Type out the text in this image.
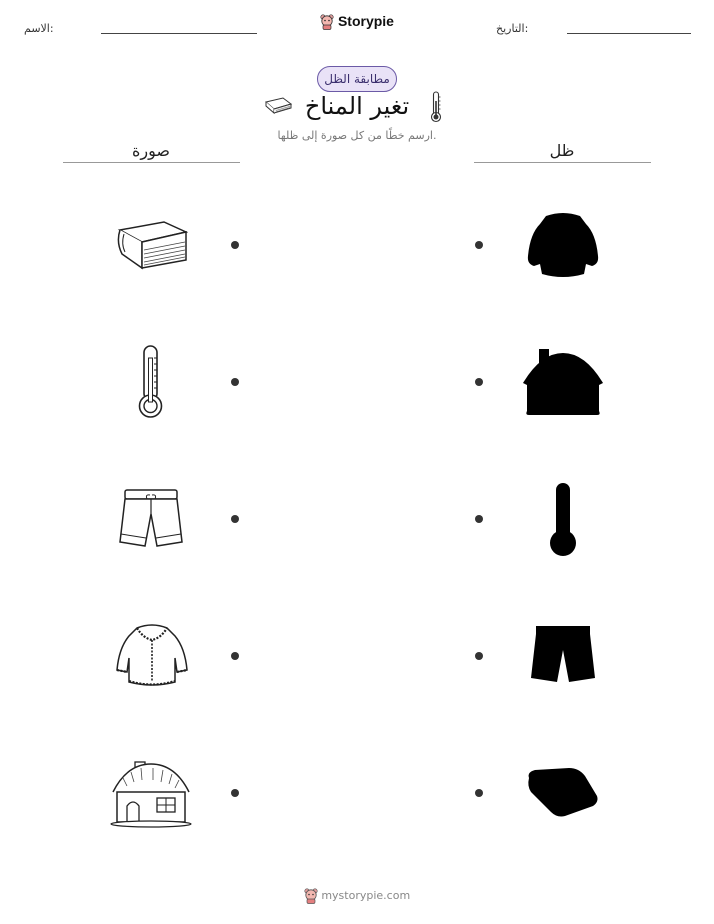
التاريخ:
الاسم:	Storypie
مطابقة الظل
تغير المناخ
ارسم خطًا من كل صورة إلى ظلها.
صورة	ظل
mystorypie.com
